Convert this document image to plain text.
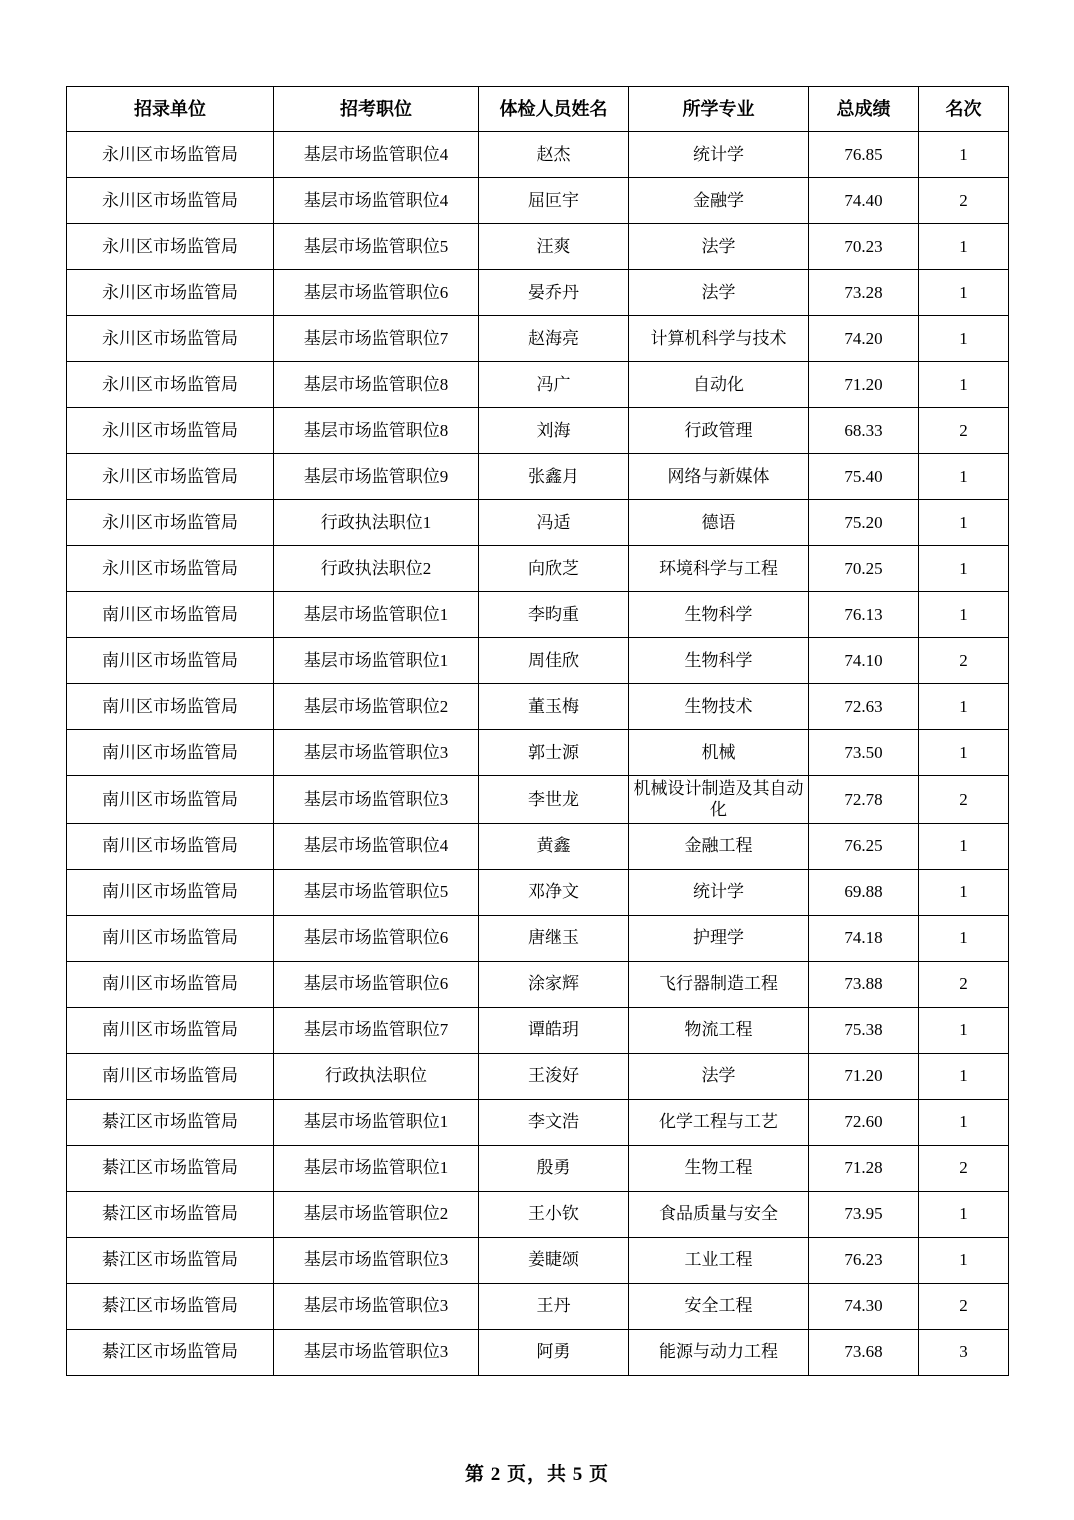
招录单位	招考职位	体检人员姓名	所学专业	总成绩	名次
永川区市场监管局	基层市场监管职位4	赵杰	统计学	76.85	1
永川区市场监管局	基层市场监管职位4	屈叵宇	金融学	74.40	2
永川区市场监管局	基层市场监管职位5	汪爽	法学	70.23	1
永川区市场监管局	基层市场监管职位6	晏乔丹	法学	73.28	1
永川区市场监管局	基层市场监管职位7	赵海亮	计算机科学与技术	74.20	1
永川区市场监管局	基层市场监管职位8	冯广	自动化	71.20	1
永川区市场监管局	基层市场监管职位8	刘海	行政管理	68.33	2
永川区市场监管局	基层市场监管职位9	张鑫月	网络与新媒体	75.40	1
永川区市场监管局	行政执法职位1	冯适	德语	75.20	1
永川区市场监管局	行政执法职位2	向欣芝	环境科学与工程	70.25	1
南川区市场监管局	基层市场监管职位1	李昀重	生物科学	76.13	1
南川区市场监管局	基层市场监管职位1	周佳欣	生物科学	74.10	2
南川区市场监管局	基层市场监管职位2	董玉梅	生物技术	72.63	1
南川区市场监管局	基层市场监管职位3	郭士源	机械	73.50	1
南川区市场监管局	基层市场监管职位3	李世龙	机械设计制造及其自动化	72.78	2
南川区市场监管局	基层市场监管职位4	黄鑫	金融工程	76.25	1
南川区市场监管局	基层市场监管职位5	邓净文	统计学	69.88	1
南川区市场监管局	基层市场监管职位6	唐继玉	护理学	74.18	1
南川区市场监管局	基层市场监管职位6	涂家辉	飞行器制造工程	73.88	2
南川区市场监管局	基层市场监管职位7	谭皓玥	物流工程	75.38	1
南川区市场监管局	行政执法职位	王浚好	法学	71.20	1
綦江区市场监管局	基层市场监管职位1	李文浩	化学工程与工艺	72.60	1
綦江区市场监管局	基层市场监管职位1	殷勇	生物工程	71.28	2
綦江区市场监管局	基层市场监管职位2	王小钦	食品质量与安全	73.95	1
綦江区市场监管局	基层市场监管职位3	姜睫颂	工业工程	76.23	1
綦江区市场监管局	基层市场监管职位3	王丹	安全工程	74.30	2
綦江区市场监管局	基层市场监管职位3	阿勇	能源与动力工程	73.68	3
第 2 页，共 5 页
